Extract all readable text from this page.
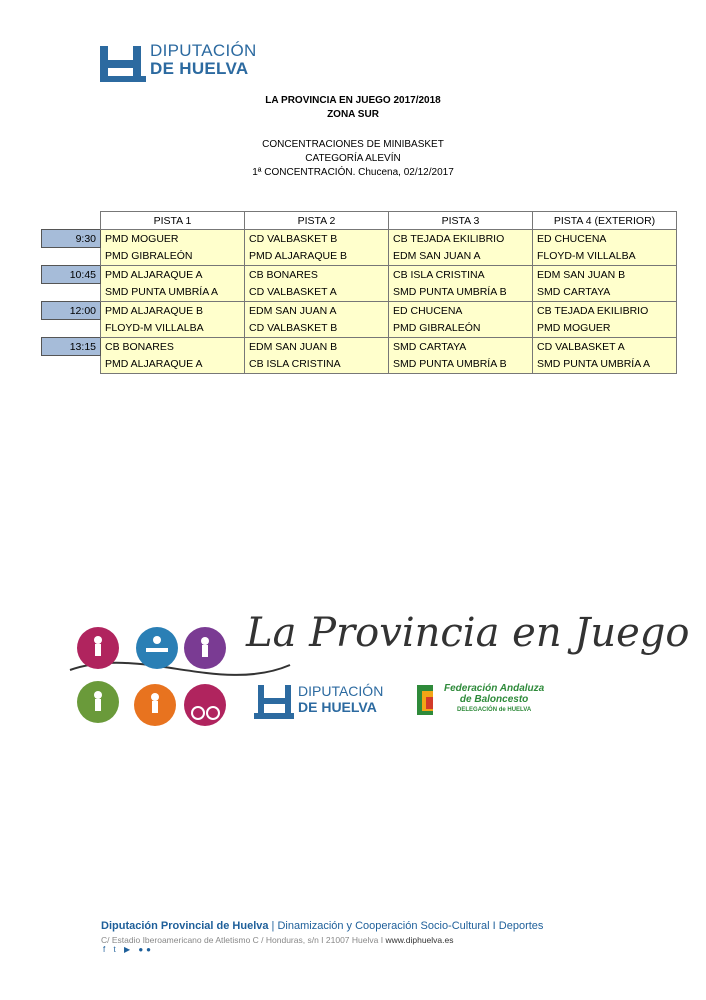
DIPUTACIÓN
DE HUELVA
LA PROVINCIA EN JUEGO 2017/2018
ZONA SUR
CONCENTRACIONES DE MINIBASKET
CATEGORÍA ALEVÍN
1ª CONCENTRACIÓN. Chucena, 02/12/2017
	PISTA 1	PISTA 2	PISTA 3	PISTA 4 (EXTERIOR)
9:30	PMD MOGUER	CD VALBASKET B	CB TEJADA EKILIBRIO	ED CHUCENA
	PMD GIBRALEÓN	PMD ALJARAQUE B	EDM SAN JUAN A	FLOYD-M VILLALBA
10:45	PMD ALJARAQUE A	CB BONARES	CB ISLA CRISTINA	EDM SAN JUAN B
	SMD PUNTA UMBRÍA A	CD VALBASKET A	SMD PUNTA UMBRÍA B	SMD CARTAYA
12:00	PMD ALJARAQUE B	EDM SAN JUAN A	ED CHUCENA	CB TEJADA EKILIBRIO
	FLOYD-M VILLALBA	CD VALBASKET B	PMD GIBRALEÓN	PMD MOGUER
13:15	CB BONARES	EDM SAN JUAN B	SMD CARTAYA	CD VALBASKET A
	PMD ALJARAQUE A	CB ISLA CRISTINA	SMD PUNTA UMBRÍA B	SMD PUNTA UMBRÍA A
La Provincia en Juego
DIPUTACIÓN
DE HUELVA
Federación Andaluza
de Baloncesto
DELEGACIÓN de HUELVA
Diputación Provincial de Huelva | Dinamización y Cooperación Socio-Cultural I Deportes
C/ Estadio Iberoamericano de Atletismo C / Honduras, s/n I 21007 Huelva I www.diphuelva.es
f t ▶ ●●
